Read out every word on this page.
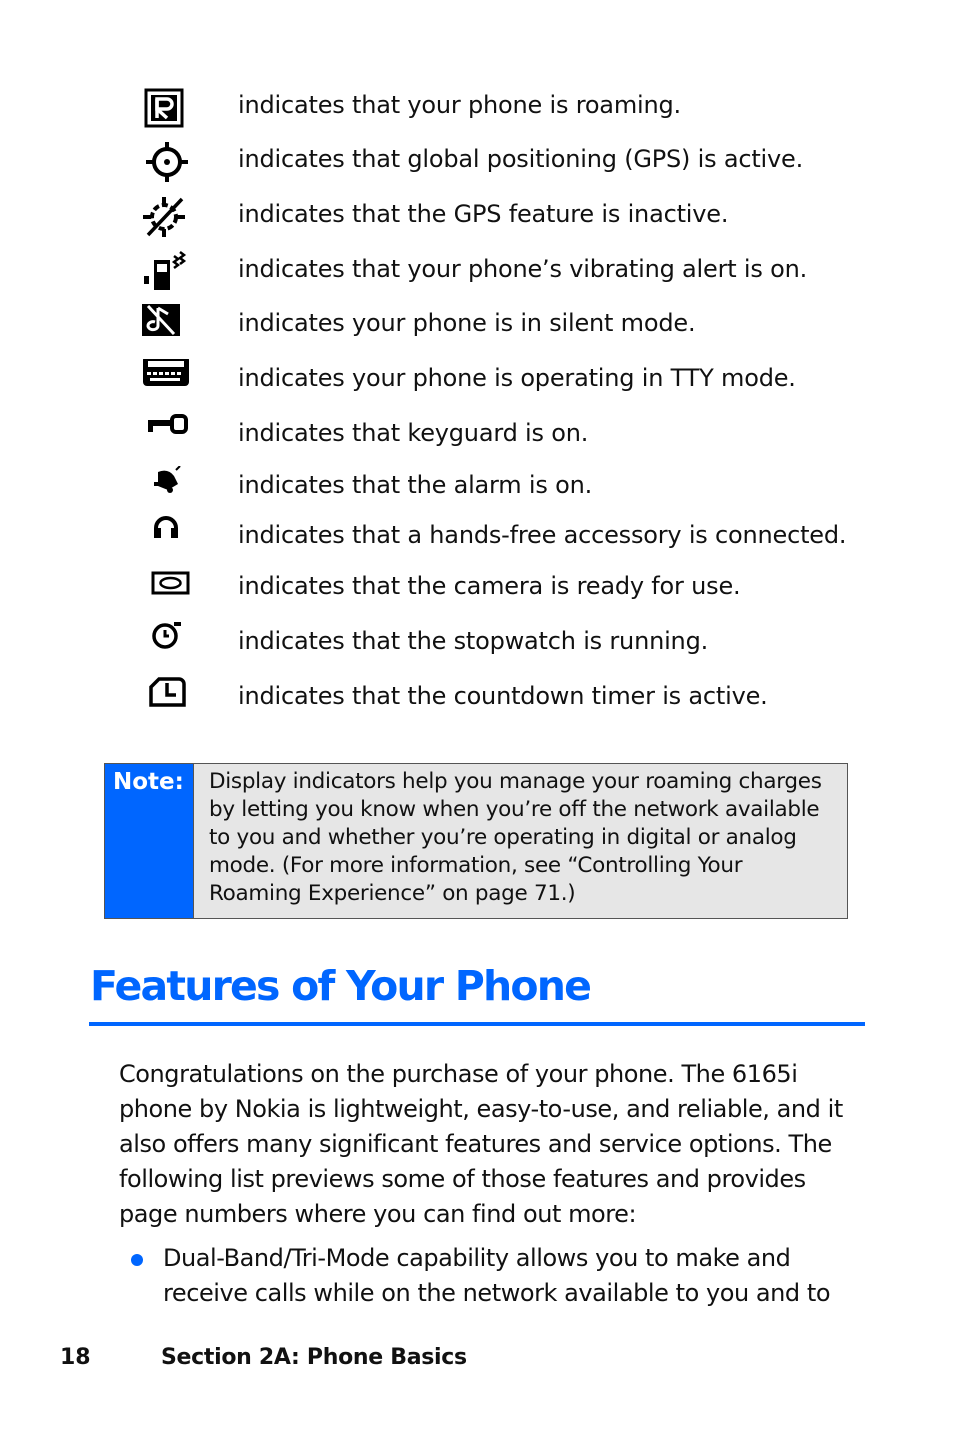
indicates that your phone is roaming.
indicates that global positioning (GPS) is active.
indicates that the GPS feature is inactive.
indicates that your phone’s vibrating alert is on.
indicates your phone is in silent mode.
indicates your phone is operating in TTY mode.
indicates that keyguard is on.
indicates that the alarm is on.
indicates that a hands-free accessory is connected.
indicates that the camera is ready for use.
indicates that the stopwatch is running.
indicates that the countdown timer is active.
Note:	Display indicators help you manage your roaming charges by letting you know when you’re off the network available to you and whether you’re operating in digital or analog mode. (For more information, see “Controlling Your Roaming Experience” on page 71.)
Features of Your Phone
Congratulations on the purchase of your phone. The 6165i phone by Nokia is lightweight, easy-to-use, and reliable, and it also offers many significant features and service options. The following list previews some of those features and provides page numbers where you can find out more:
Dual-Band/Tri-Mode capability allows you to make and receive calls while on the network available to you and to
18	Section 2A: Phone Basics
